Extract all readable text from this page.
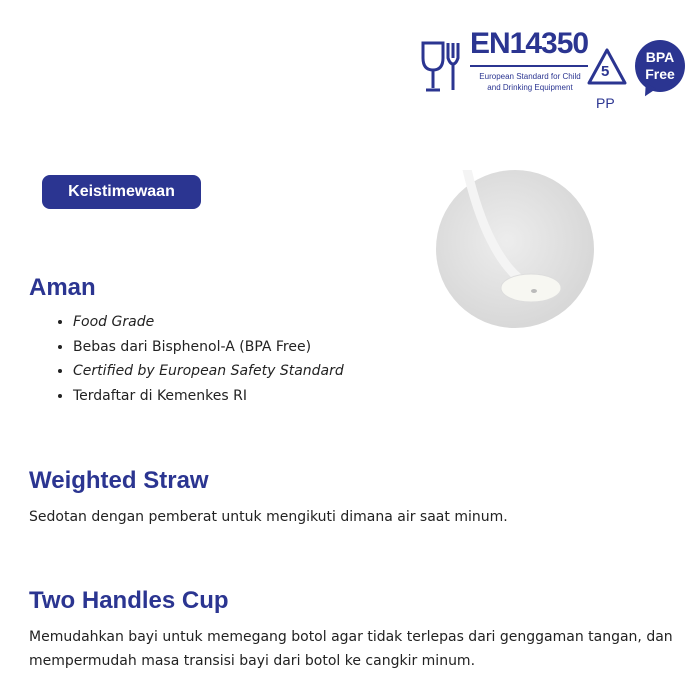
EN14350
European Standard for Child
and Drinking Equipment
5
PP
BPA
Free
Keistimewaan
Aman
• Food Grade
• Bebas dari Bisphenol-A (BPA Free)
• Certified by European Safety Standard
• Terdaftar di Kemenkes RI
Weighted Straw

Sedotan dengan pemberat untuk mengikuti dimana air saat minum.

Two Handles Cup

Memudahkan bayi untuk memegang botol agar tidak terlepas dari genggaman tangan, dan mempermudah masa transisi bayi dari botol ke cangkir minum.
